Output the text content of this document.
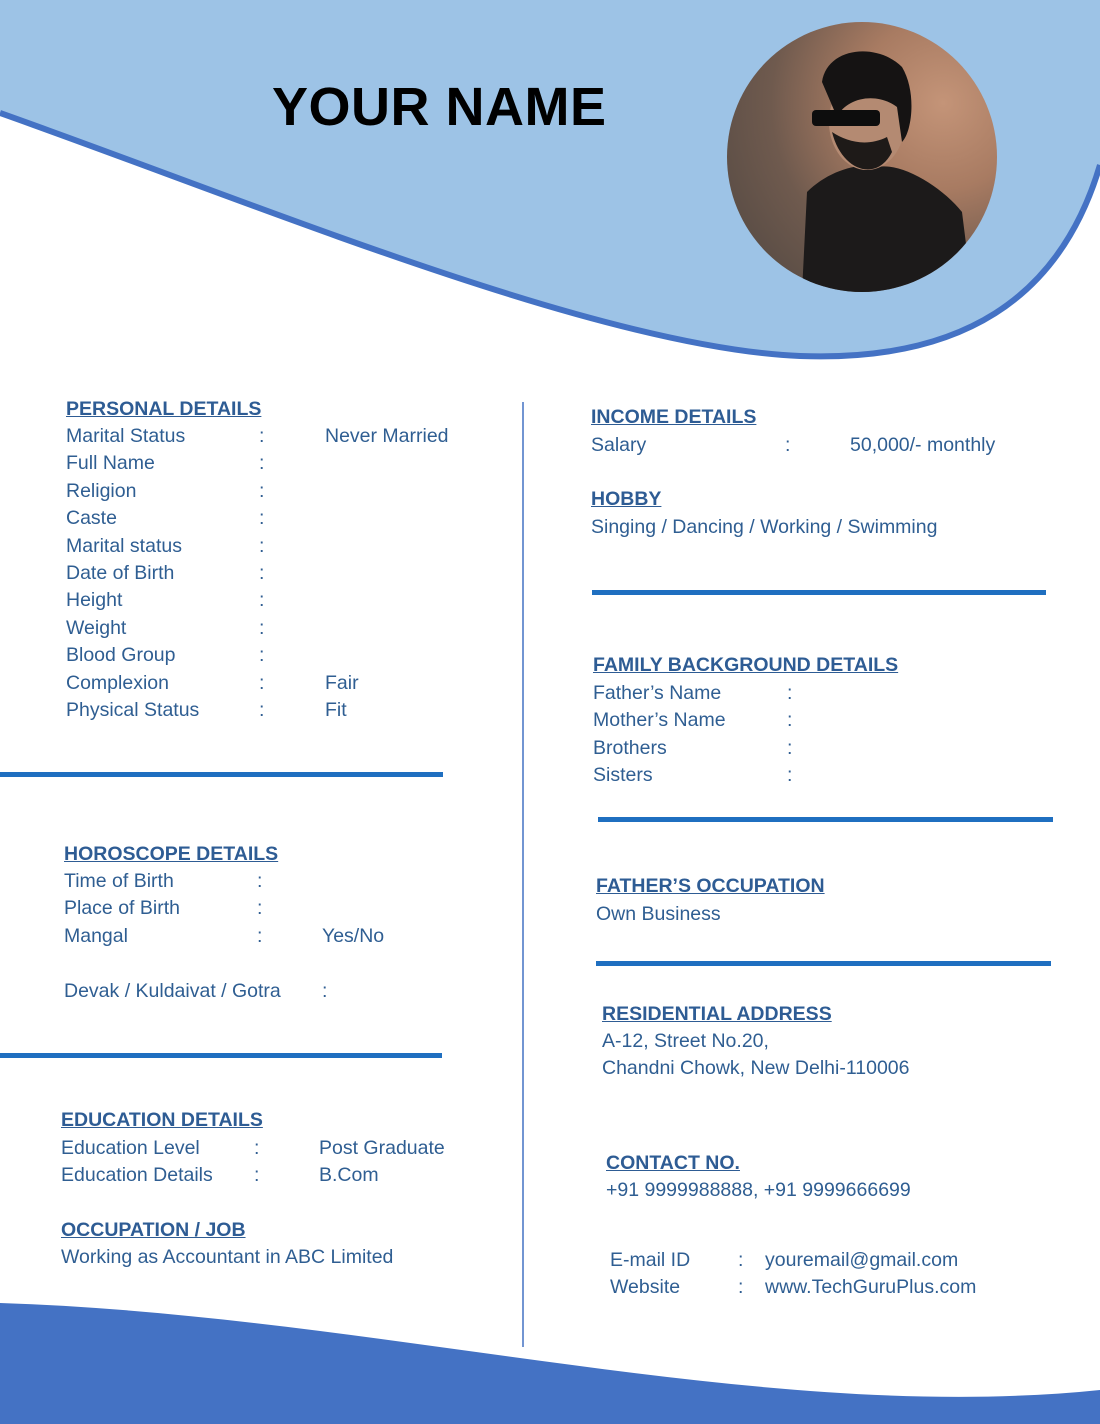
YOUR NAME
PERSONAL DETAILS
Marital Status	:	Never Married
Full Name	:
Religion	:
Caste	:
Marital status	:
Date of Birth	:
Height	:
Weight	:
Blood Group	:
Complexion	:	Fair
Physical Status	:	Fit
HOROSCOPE DETAILS
Time of Birth	:
Place of Birth	:
Mangal	:	Yes/No
Devak / Kuldaivat / Gotra :
EDUCATION DETAILS
Education Level	:	Post Graduate
Education Details :	B.Com
OCCUPATION / JOB
Working as Accountant in ABC Limited
INCOME DETAILS
Salary	:	50,000/- monthly
HOBBY
Singing / Dancing / Working / Swimming
FAMILY BACKGROUND DETAILS
Father’s Name	:
Mother’s Name	:
Brothers	:
Sisters	:
FATHER’S OCCUPATION
Own Business
RESIDENTIAL ADDRESS
A-12, Street No.20,
Chandni Chowk, New Delhi-110006
CONTACT NO.
+91 9999988888, +91 9999666699
E-mail ID : youremail@gmail.com
Website	: www.TechGuruPlus.com
